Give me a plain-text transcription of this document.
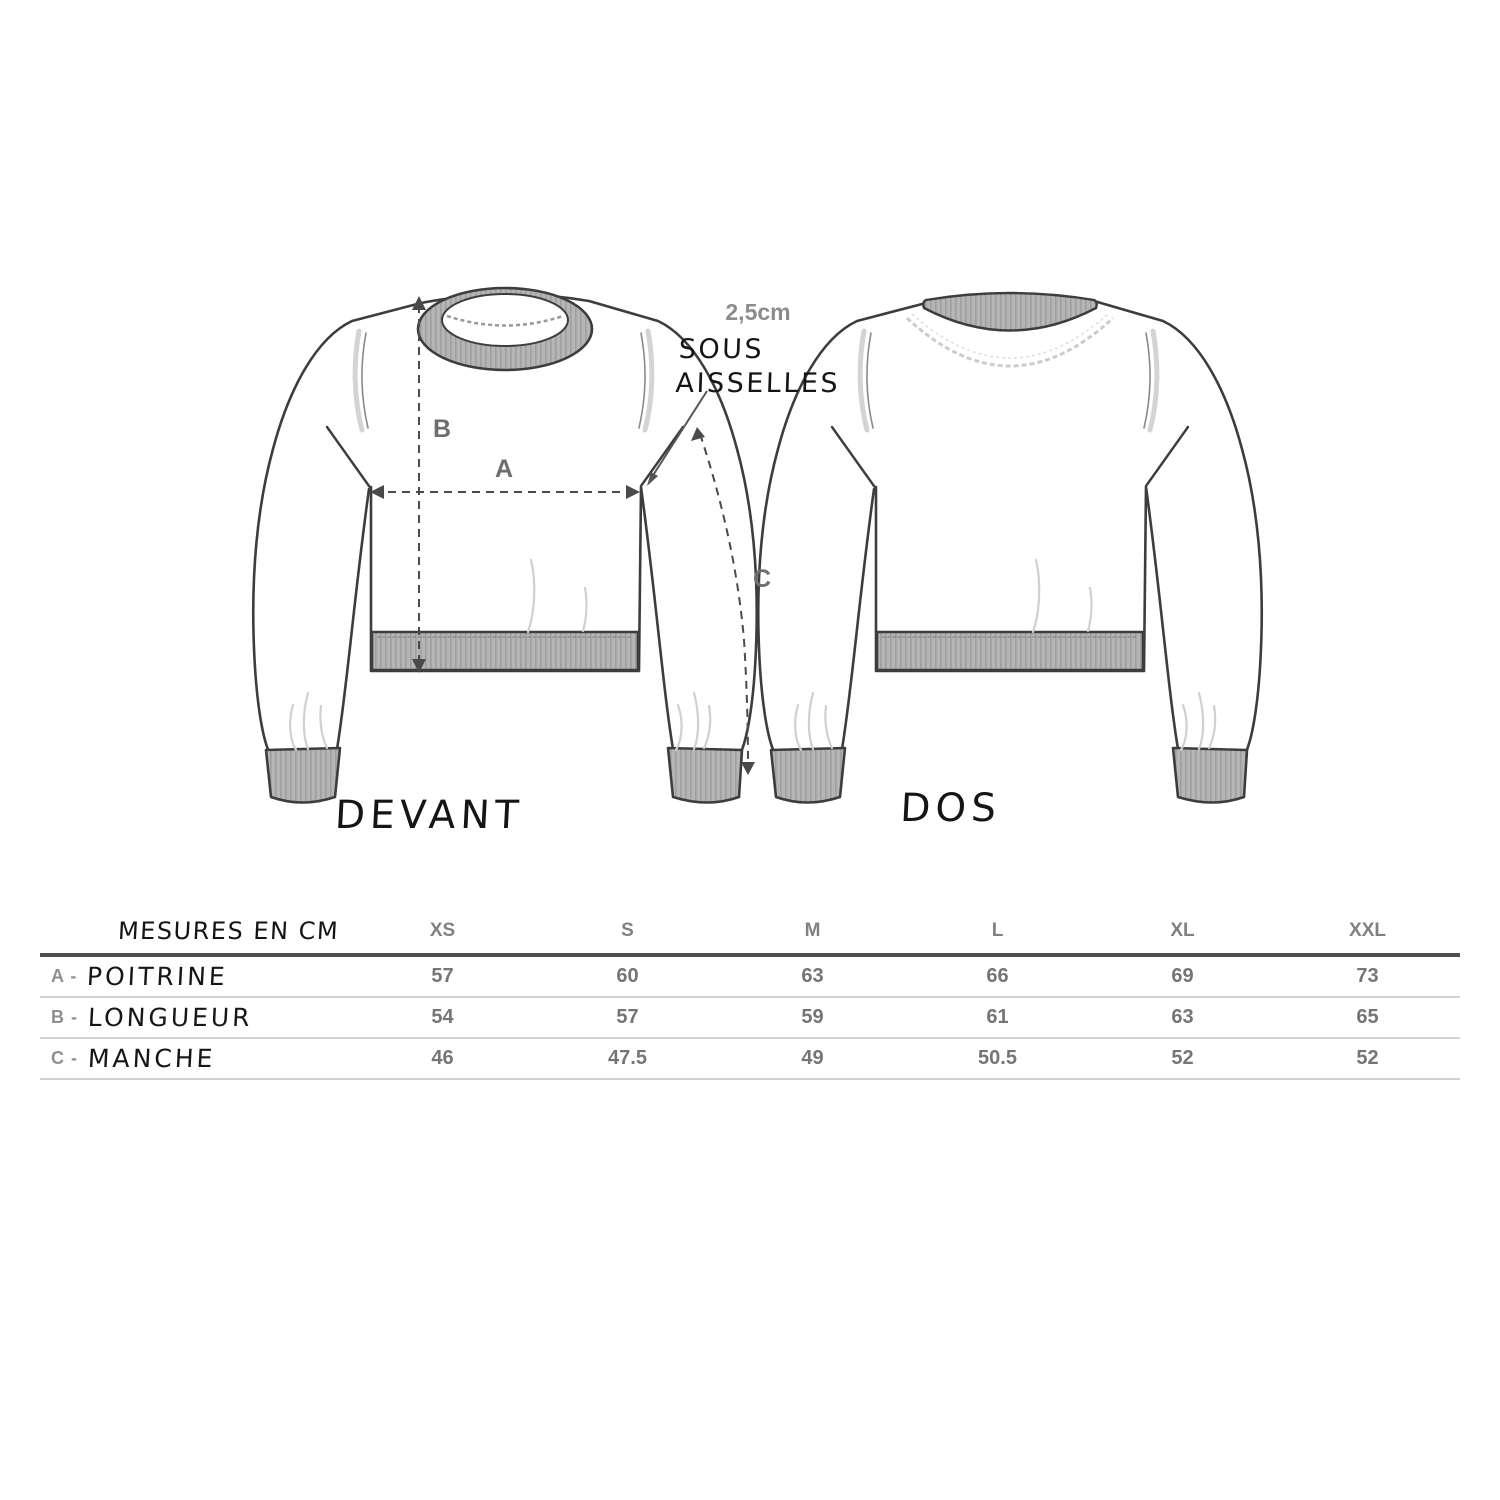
B
A
C
2,5cm
SOUS
AISSELLES
DEVANT	DOS
MESURES EN CM	XS	S	M	L	XL	XXL
A - POITRINE	57	60	63	66	69	73
B - LONGUEUR	54	57	59	61	63	65
C - MANCHE	46	47.5	49	50.5	52	52
